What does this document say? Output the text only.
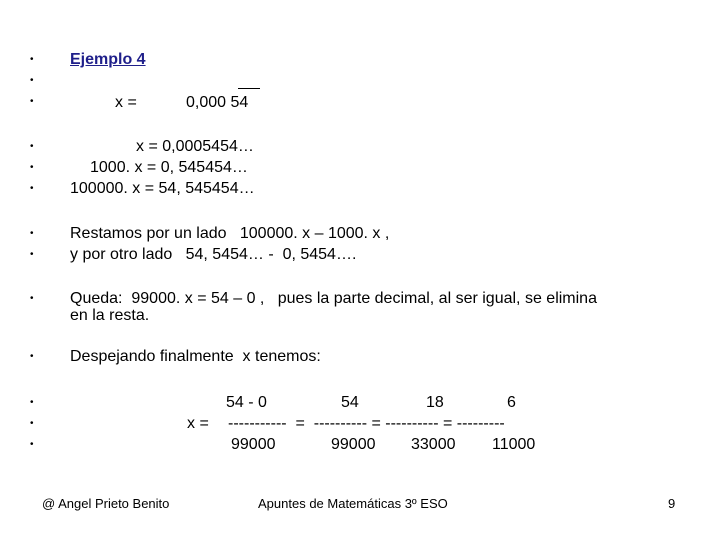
•
•
•
•
•
•
•
•
•
•
•
•
•
Ejemplo 4
x =	0,000 54
x = 0,0005454…
1000. x = 0, 545454…
100000. x = 54, 545454…
Restamos por un lado   100000. x – 1000. x ,
y por otro lado   54, 5454… -  0, 5454….
Queda:  99000. x = 54 – 0 ,   pues la parte decimal, al ser igual, se elimina
en la resta.
Despejando finalmente  x tenemos:
54 - 0	54	18	6
x = -----------  =  ---------- = ---------- = ---------
99000	99000 33000 11000
@ Angel Prieto Benito	Apuntes de Matemáticas 3º ESO	9
